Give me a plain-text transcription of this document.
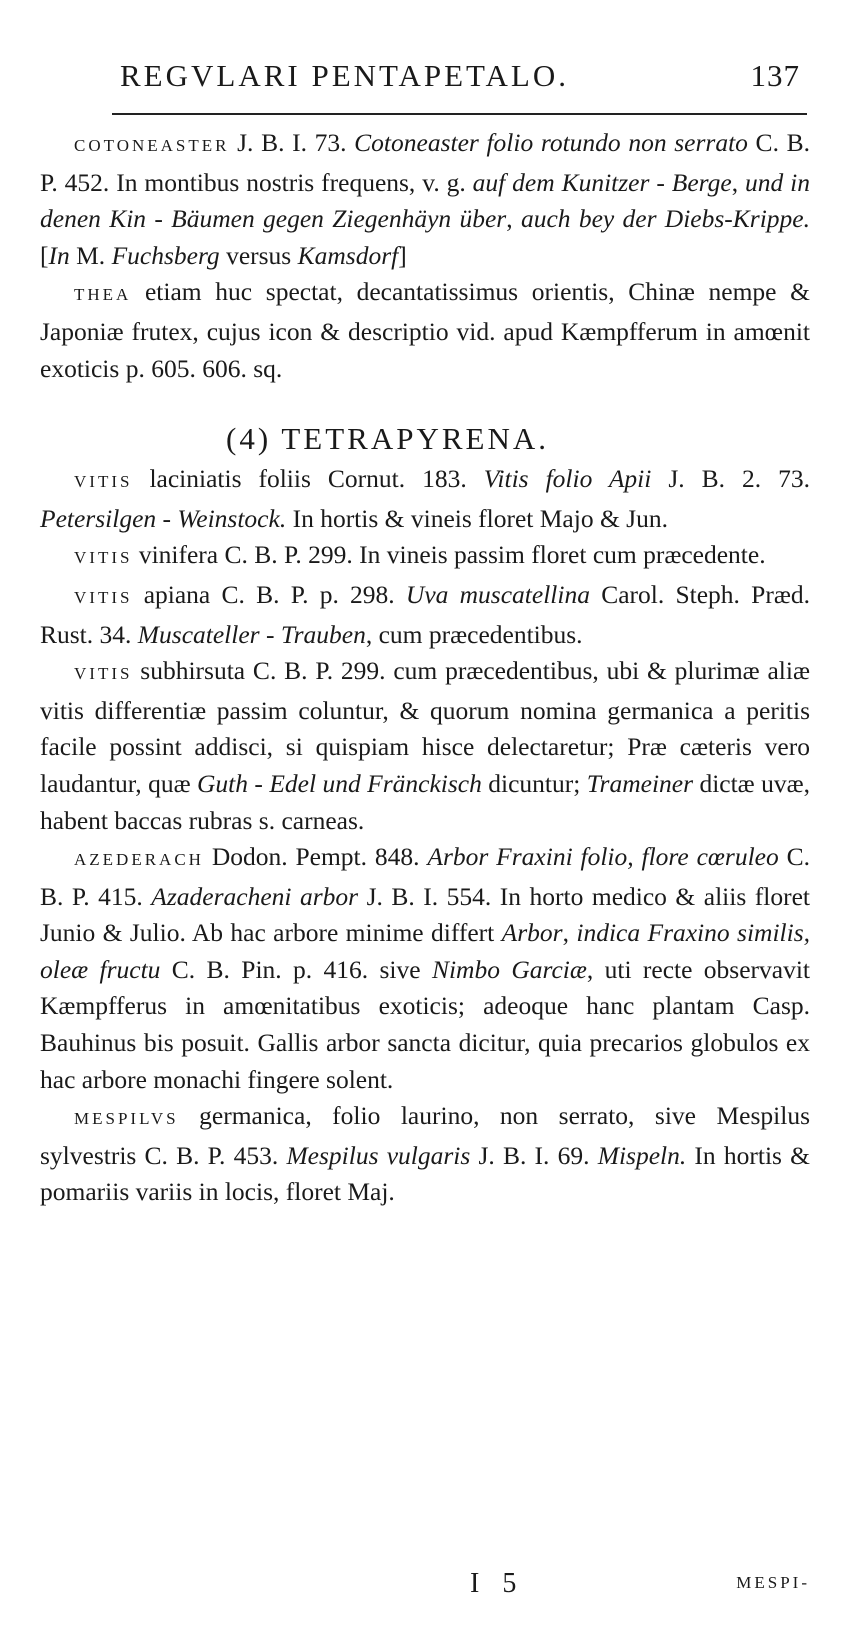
REGVLARI PENTAPETALO.	137

COTONEASTER J. B. I. 73. Cotoneaster folio rotundo non serrato C. B. P. 452. In montibus nostris frequens, v. g. auf dem Kunitzer - Berge, und in denen Kin - Bäumen gegen Ziegenhäyn über, auch bey der Diebs-Krippe. [In M. Fuchsberg versus Kamsdorf]

THEA etiam huc spectat, decantatissimus orientis, Chinæ nempe & Japoniæ frutex, cujus icon & descriptio vid. apud Kæmpfferum in amœnit exoticis p. 605. 606. sq.

(4) TETRAPYRENA.

VITIS laciniatis foliis Cornut. 183. Vitis folio Apii J. B. 2. 73. Petersilgen - Weinstock. In hortis & vineis floret Majo & Jun.

VITIS vinifera C. B. P. 299. In vineis passim floret cum præcedente.

VITIS apiana C. B. P. p. 298. Uva muscatellina Carol. Steph. Præd. Rust. 34. Muscateller - Trauben, cum præcedentibus.

VITIS subhirsuta C. B. P. 299. cum præcedentibus, ubi & plurimæ aliæ vitis differentiæ passim coluntur, & quorum nomina germanica a peritis facile possint addisci, si quispiam hisce delectaretur; Præ cæteris vero laudantur, quæ Guth - Edel und Fränckisch dicuntur; Trameiner dictæ uvæ, habent baccas rubras s. carneas.

AZEDERACH Dodon. Pempt. 848. Arbor Fraxini folio, flore cœruleo C. B. P. 415. Azaderacheni arbor J. B. I. 554. In horto medico & aliis floret Junio & Julio. Ab hac arbore minime differt Arbor, indica Fraxino similis, oleæ fructu C. B. Pin. p. 416. sive Nimbo Garciæ, uti recte observavit Kæmpfferus in amœnitatibus exoticis; adeoque hanc plantam Casp. Bauhinus bis posuit. Gallis arbor sancta dicitur, quia precarios globulos ex hac arbore monachi fingere solent.

MESPILVS germanica, folio laurino, non serrato, sive Mespilus sylvestris C. B. P. 453. Mespilus vulgaris J. B. I. 69. Mispeln. In hortis & pomariis variis in locis, floret Maj.

I 5	MESPI-
